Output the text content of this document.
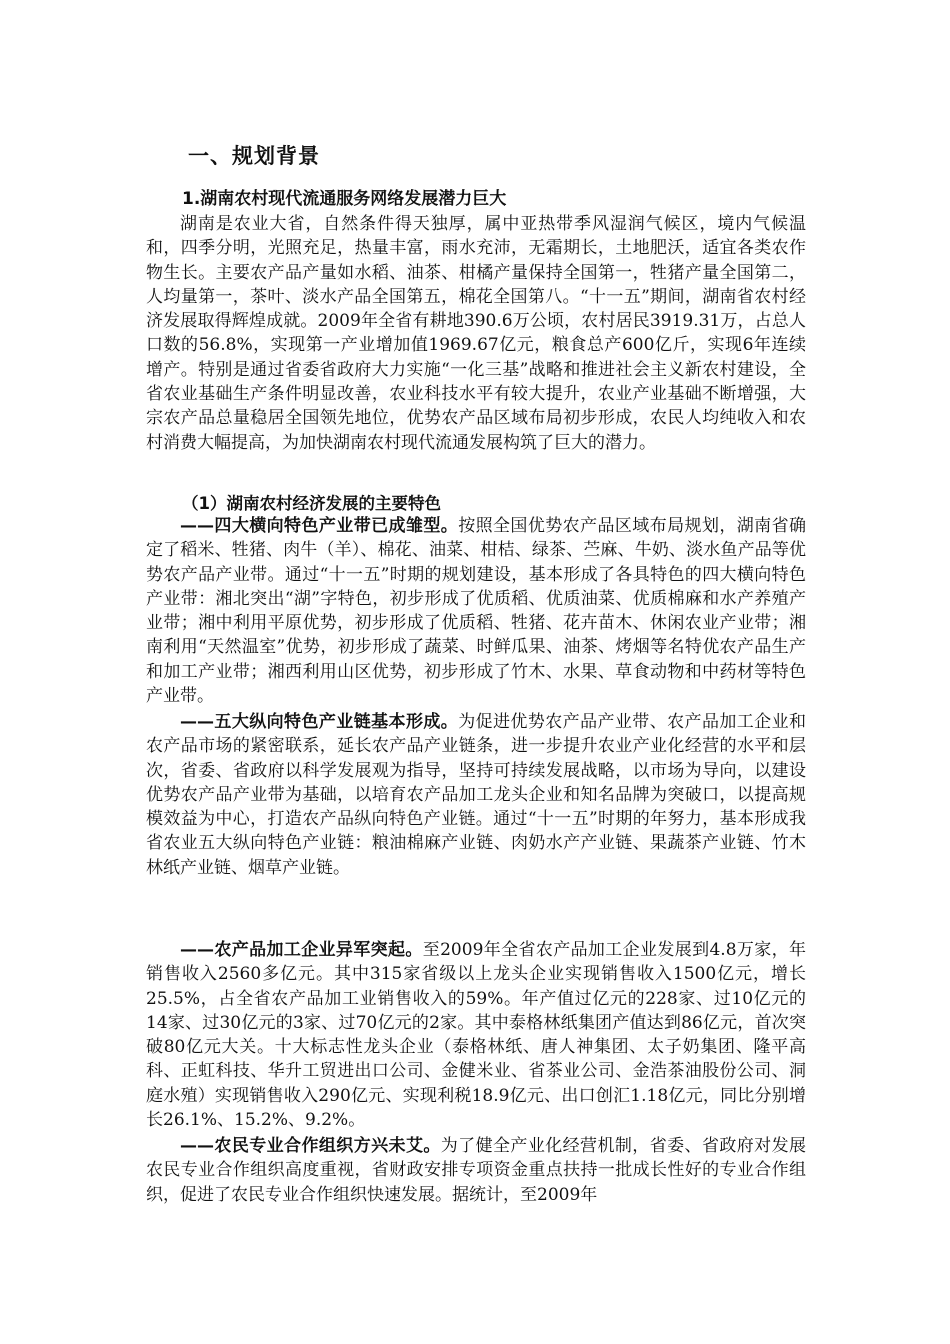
一、规划背景
1.湖南农村现代流通服务网络发展潜力巨大

湖南是农业大省，自然条件得天独厚，属中亚热带季风湿润气候区，境内气候温和，四季分明，光照充足，热量丰富，雨水充沛，无霜期长，土地肥沃，适宜各类农作物生长。主要农产品产量如水稻、油茶、柑橘产量保持全国第一，牲猪产量全国第二，人均量第一，茶叶、淡水产品全国第五，棉花全国第八。“十一五”期间，湖南省农村经济发展取得辉煌成就。2009年全省有耕地390.6万公顷，农村居民3919.31万，占总人口数的56.8%，实现第一产业增加值1969.67亿元，粮食总产600亿斤，实现6年连续增产。特别是通过省委省政府大力实施“一化三基”战略和推进社会主义新农村建设，全省农业基础生产条件明显改善，农业科技水平有较大提升，农业产业基础不断增强，大宗农产品总量稳居全国领先地位，优势农产品区域布局初步形成，农民人均纯收入和农村消费大幅提高，为加快湖南农村现代流通发展构筑了巨大的潜力。

（1）湖南农村经济发展的主要特色

——四大横向特色产业带已成雏型。按照全国优势农产品区域布局规划，湖南省确定了稻米、牲猪、肉牛（羊）、棉花、油菜、柑桔、绿茶、苎麻、牛奶、淡水鱼产品等优势农产品产业带。通过“十一五”时期的规划建设，基本形成了各具特色的四大横向特色产业带：湘北突出“湖”字特色，初步形成了优质稻、优质油菜、优质棉麻和水产养殖产业带；湘中利用平原优势，初步形成了优质稻、牲猪、花卉苗木、休闲农业产业带；湘南利用“天然温室”优势，初步形成了蔬菜、时鲜瓜果、油茶、烤烟等名特优农产品生产和加工产业带；湘西利用山区优势，初步形成了竹木、水果、草食动物和中药材等特色产业带。

——五大纵向特色产业链基本形成。为促进优势农产品产业带、农产品加工企业和农产品市场的紧密联系，延长农产品产业链条，进一步提升农业产业化经营的水平和层次，省委、省政府以科学发展观为指导，坚持可持续发展战略，以市场为导向，以建设优势农产品产业带为基础，以培育农产品加工龙头企业和知名品牌为突破口，以提高规模效益为中心，打造农产品纵向特色产业链。通过“十一五”时期的年努力，基本形成我省农业五大纵向特色产业链：粮油棉麻产业链、肉奶水产产业链、果蔬茶产业链、竹木林纸产业链、烟草产业链。

——农产品加工企业异军突起。至2009年全省农产品加工企业发展到4.8万家，年销售收入2560多亿元。其中315家省级以上龙头企业实现销售收入1500亿元，增长25.5%，占全省农产品加工业销售收入的59%。年产值过亿元的228家、过10亿元的14家、过30亿元的3家、过70亿元的2家。其中泰格林纸集团产值达到86亿元，首次突破80亿元大关。十大标志性龙头企业（泰格林纸、唐人神集团、太子奶集团、隆平高科、正虹科技、华升工贸进出口公司、金健米业、省茶业公司、金浩茶油股份公司、洞庭水殖）实现销售收入290亿元、实现利税18.9亿元、出口创汇1.18亿元，同比分别增长26.1%、15.2%、9.2%。

——农民专业合作组织方兴未艾。为了健全产业化经营机制，省委、省政府对发展农民专业合作组织高度重视，省财政安排专项资金重点扶持一批成长性好的专业合作组织，促进了农民专业合作组织快速发展。据统计，至2009年
